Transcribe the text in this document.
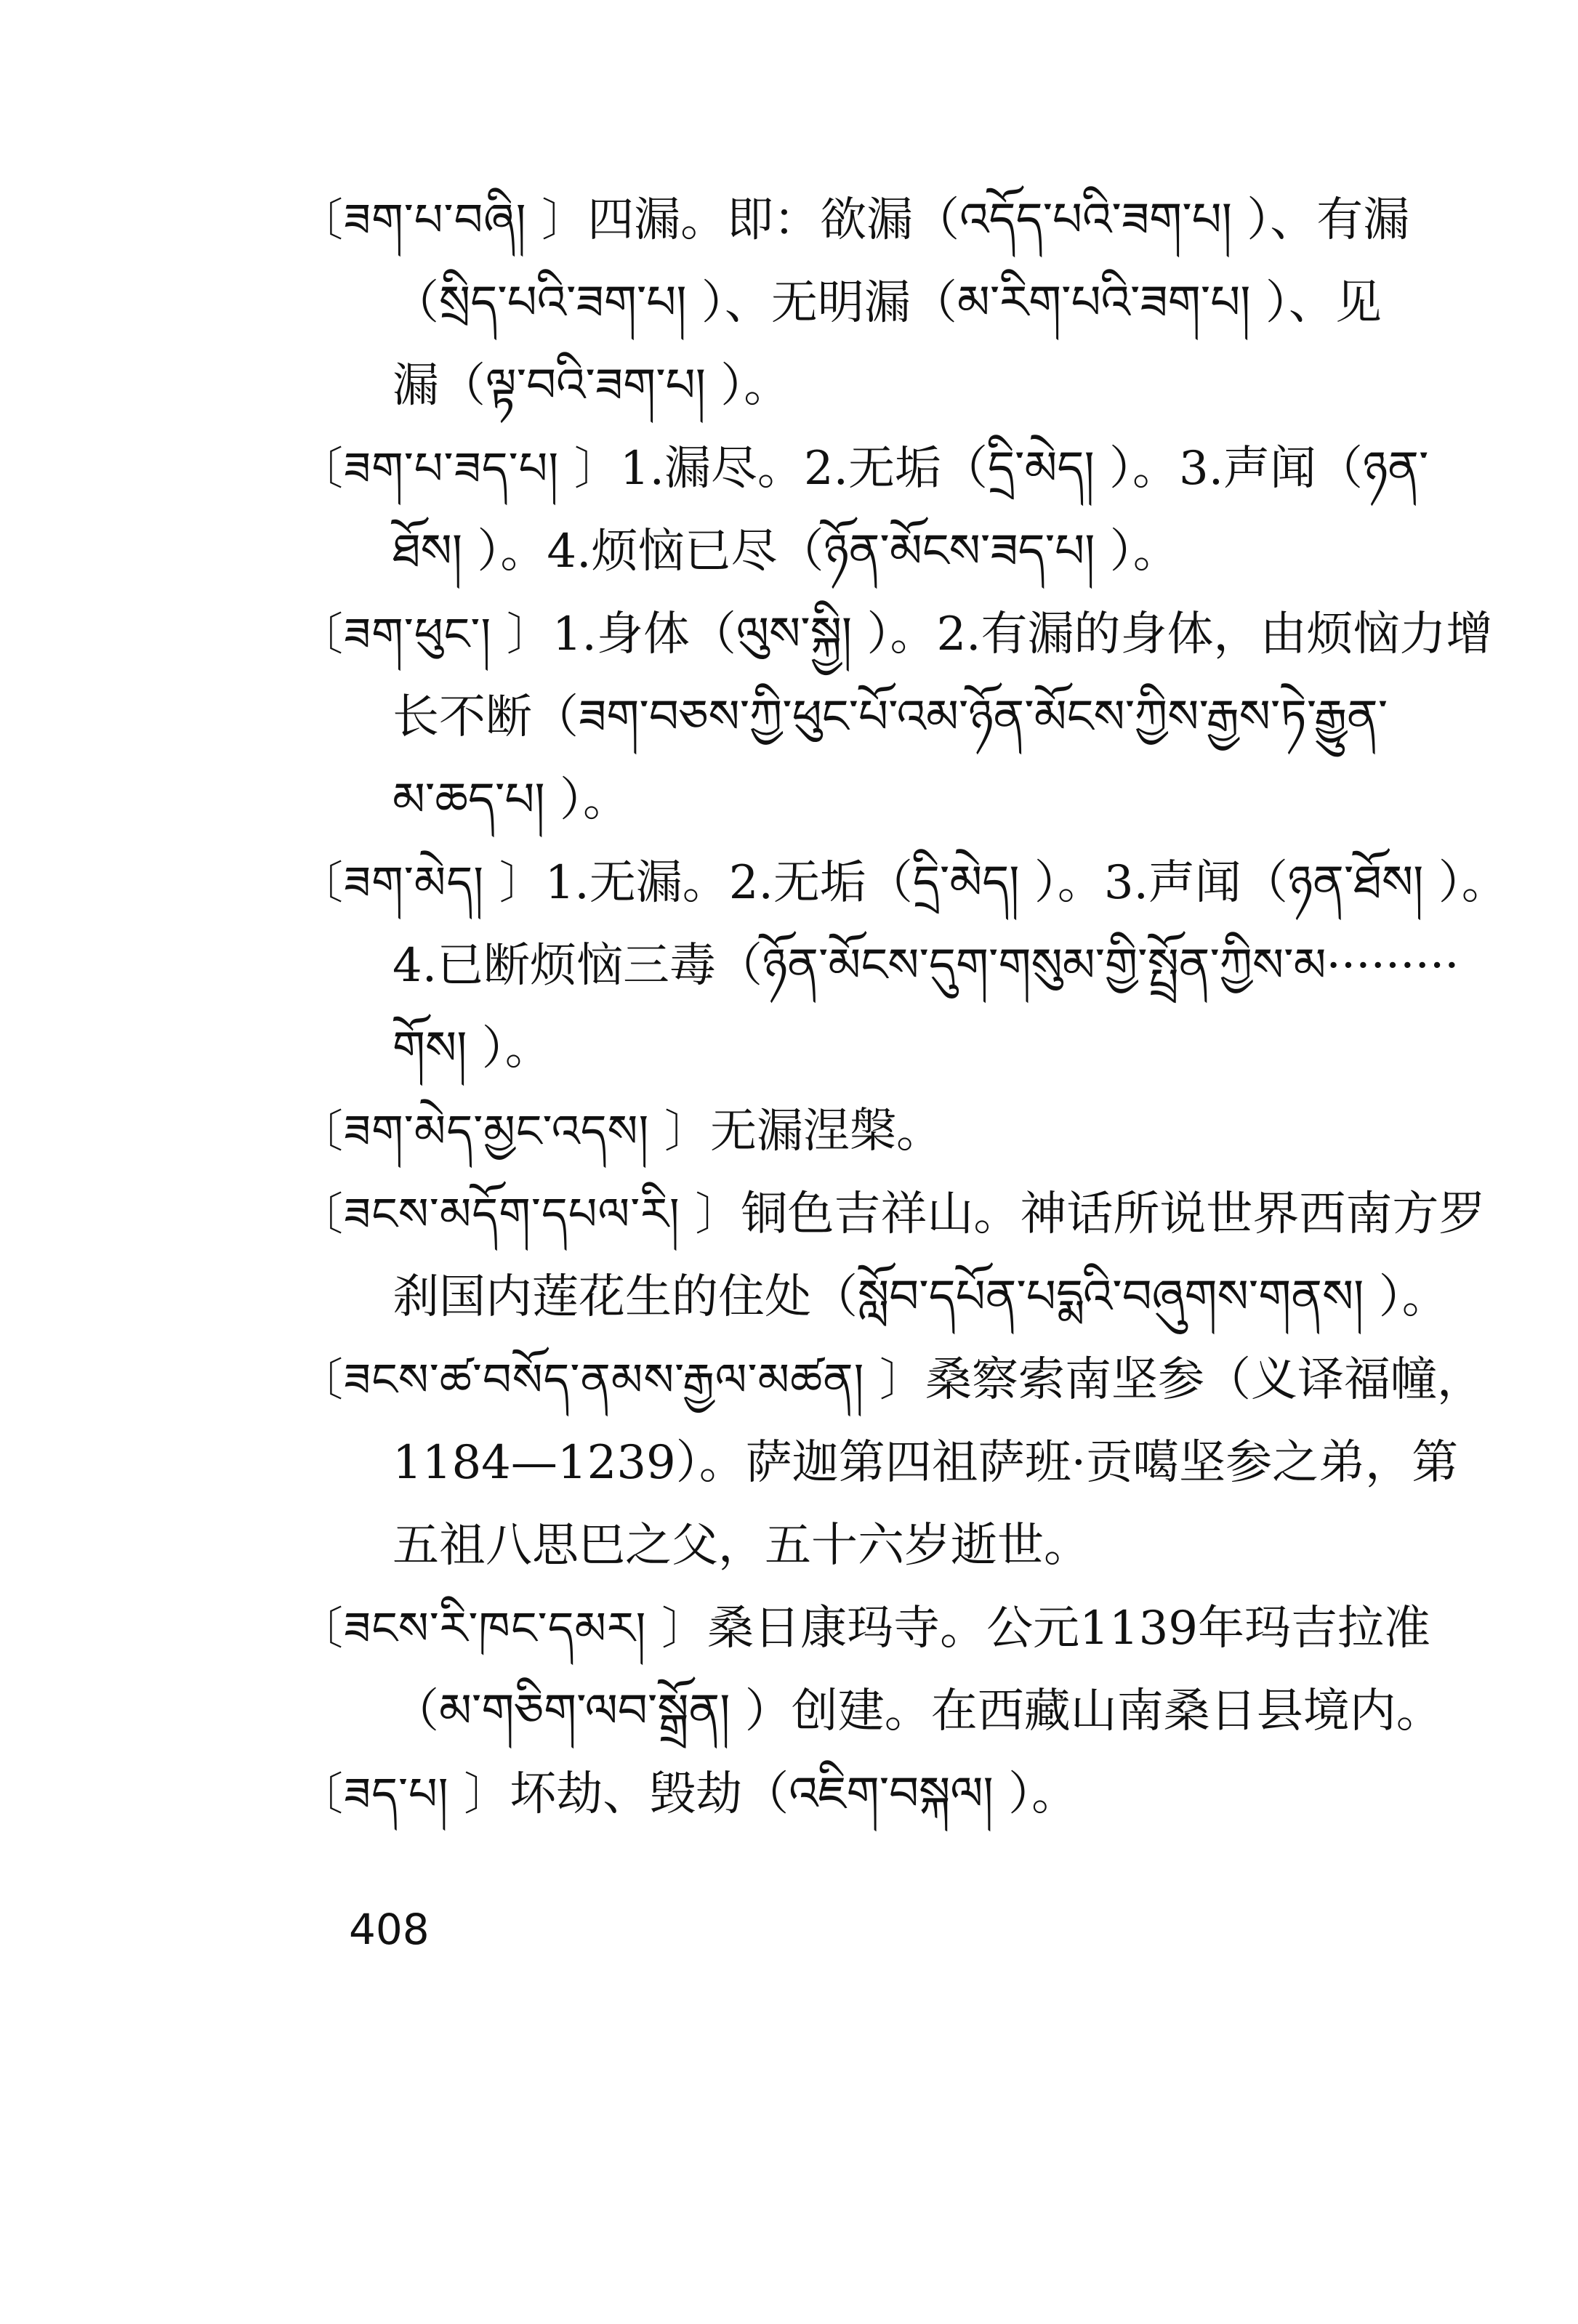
〔ཟག་པ་བཞི། 〕四漏。即：欲漏（འདོད་པའི་ཟག་པ། ）、有漏
（སྲིད་པའི་ཟག་པ། ）、无明漏（མ་རིག་པའི་ཟག་པ། ）、见
漏（ལྟ་བའི་ཟག་པ། ）。
〔ཟག་པ་ཟད་པ། 〕1.漏尽。2.无垢（དྲི་མེད། ）。3.声闻（ཉན་
ཐོས། ）。4.烦恼已尽（ཉོན་མོངས་ཟད་པ། ）。
〔ཟག་ཕུང་། 〕1.身体（ལུས་སྐྱི། ）。2.有漏的身体，由烦恼力增
长不断（ཟག་བཅས་ཀྱི་ཕུང་པོ་འམ་ཉོན་མོངས་ཀྱིས་རྒྱས་ཏེ་རྒྱུན་
མ་ཆད་པ། ）。
〔ཟག་མེད། 〕1.无漏。2.无垢（དྲི་མེད། ）。3.声闻（ཉན་ཐོས། ）。
4.已断烦恼三毒（ཉོན་མོངས་དུག་གསུམ་གྱི་སྤྲོན་ཀྱིས་མ·········
གོས། ）。
〔ཟག་མེད་མྱང་འདས། 〕无漏涅槃。
〔ཟངས་མདོག་དཔལ་རི། 〕铜色吉祥山。神话所说世界西南方罗
刹国内莲花生的住处（སློབ་དཔོན་པདྨའི་བཞུགས་གནས། ）。
〔ཟངས་ཚ་བསོད་ནམས་རྒྱལ་མཚན། 〕桑察索南坚参（义译福幢，
1184—1239）。萨迦第四祖萨班·贡噶坚参之弟，第
五祖八思巴之父，五十六岁逝世。
〔ཟངས་རི་ཁང་དམར། 〕桑日康玛寺。公元1139年玛吉拉准
（མ་གཅིག་ལབ་སྒྲོན། ）创建。在西藏山南桑日县境内。
〔ཟད་པ། 〕坏劫、毁劫（འཇིག་བསྐལ། ）。
408
